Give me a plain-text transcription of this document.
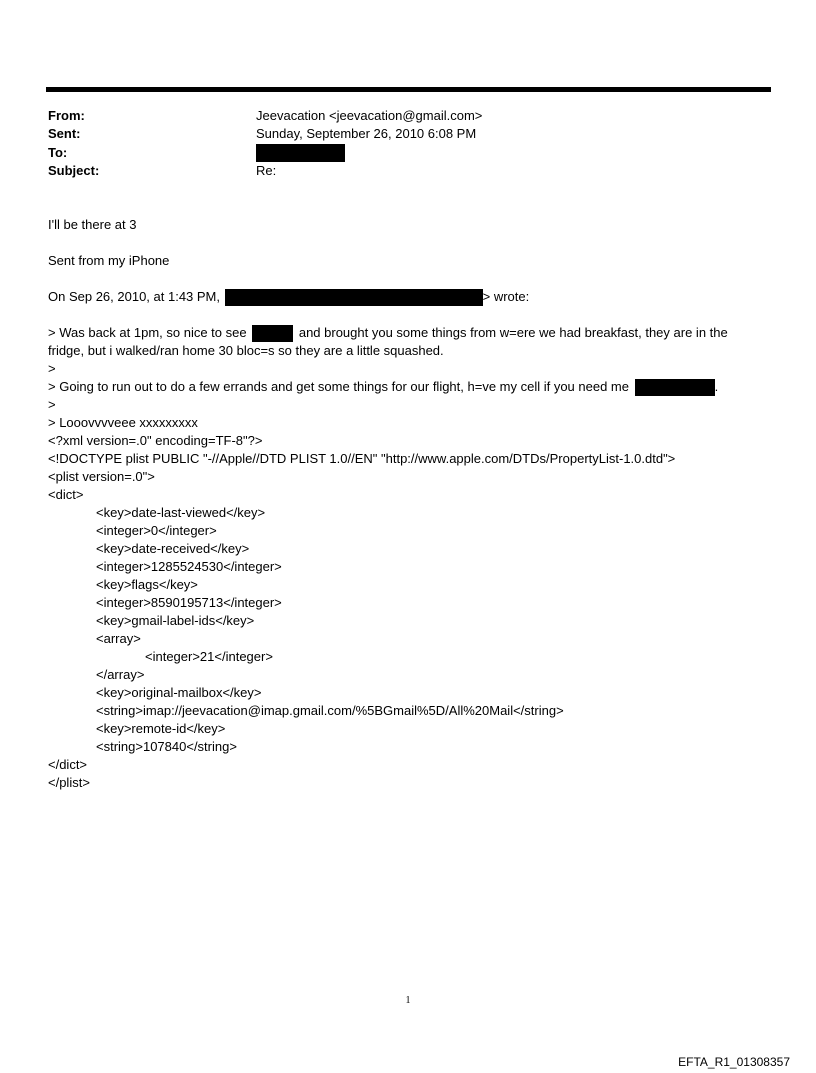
From:	Jeevacation <jeevacation@gmail.com>
Sent:	Sunday, September 26, 2010 6:08 PM
To:
Subject:	Re:
I'll be there at 3
Sent from my iPhone
On Sep 26, 2010, at 1:43 PM,	> wrote:
> Was back at 1pm, so nice to see	and brought you some things from w=ere we had breakfast, they are in the
fridge, but i walked/ran home 30 bloc=s so they are a little squashed.
>
> Going to run out to do a few errands and get some things for our flight, h=ve my cell if you need me	.
>
> Looovvvveee xxxxxxxxx
<?xml version=.0" encoding=TF-8"?>
<!DOCTYPE plist PUBLIC "-//Apple//DTD PLIST 1.0//EN" "http://www.apple.com/DTDs/PropertyList-1.0.dtd">
<plist version=.0">
<dict>
<key>date-last-viewed</key>
<integer>0</integer>
<key>date-received</key>
<integer>1285524530</integer>
<key>flags</key>
<integer>8590195713</integer>
<key>gmail-label-ids</key>
<array>
<integer>21</integer>
</array>
<key>original-mailbox</key>
<string>imap://jeevacation@imap.gmail.com/%5BGmail%5D/All%20Mail</string>
<key>remote-id</key>
<string>107840</string>
</dict>
</plist>
1
EFTA_R1_01308357
